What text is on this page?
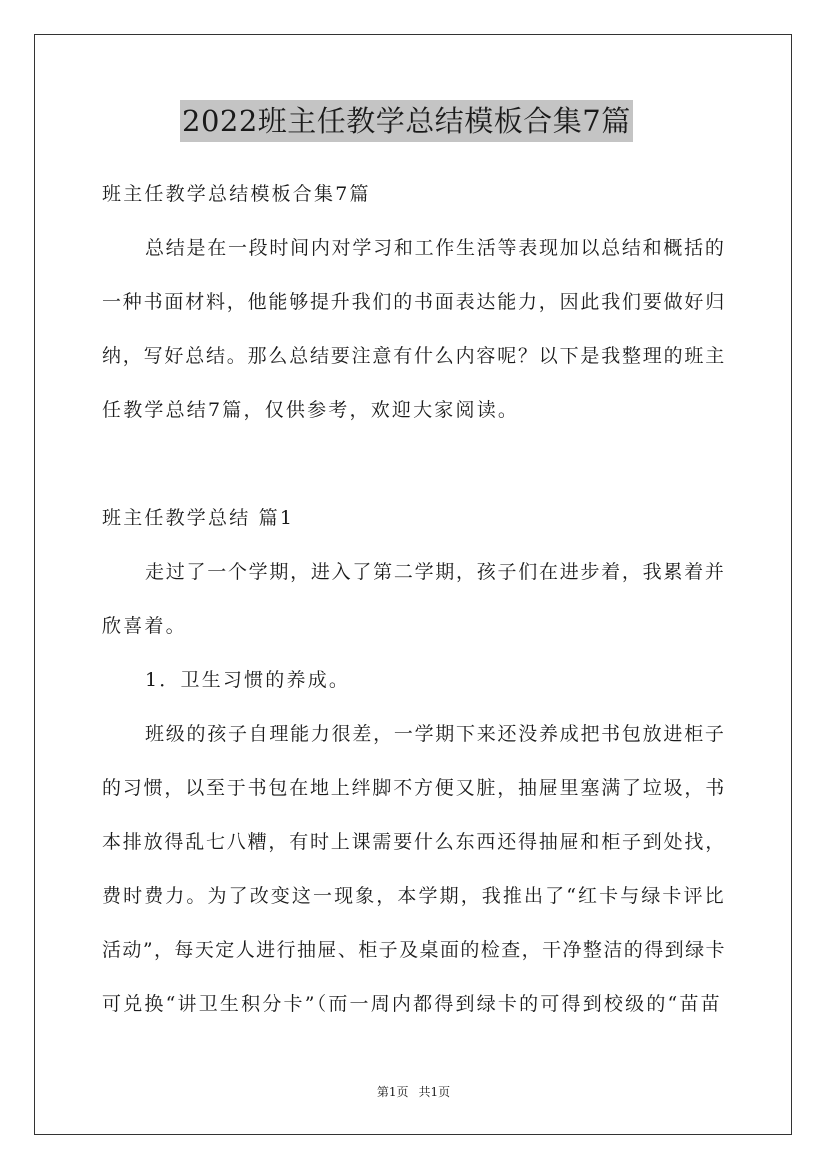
2022班主任教学总结模板合集7篇
班主任教学总结模板合集7篇
总结是在一段时间内对学习和工作生活等表现加以总结和概括的
一种书面材料，他能够提升我们的书面表达能力，因此我们要做好归
纳，写好总结。那么总结要注意有什么内容呢？以下是我整理的班主
任教学总结7篇，仅供参考，欢迎大家阅读。
班主任教学总结 篇1
走过了一个学期，进入了第二学期，孩子们在进步着，我累着并
欣喜着。
1．卫生习惯的养成。
班级的孩子自理能力很差，一学期下来还没养成把书包放进柜子
的习惯，以至于书包在地上绊脚不方便又脏，抽屉里塞满了垃圾，书
本排放得乱七八糟，有时上课需要什么东西还得抽屉和柜子到处找，
费时费力。为了改变这一现象，本学期，我推出了“红卡与绿卡评比
活动”，每天定人进行抽屉、柜子及桌面的检查，干净整洁的得到绿卡
可兑换“讲卫生积分卡”（而一周内都得到绿卡的可得到校级的“苗苗
第1页 共1页
